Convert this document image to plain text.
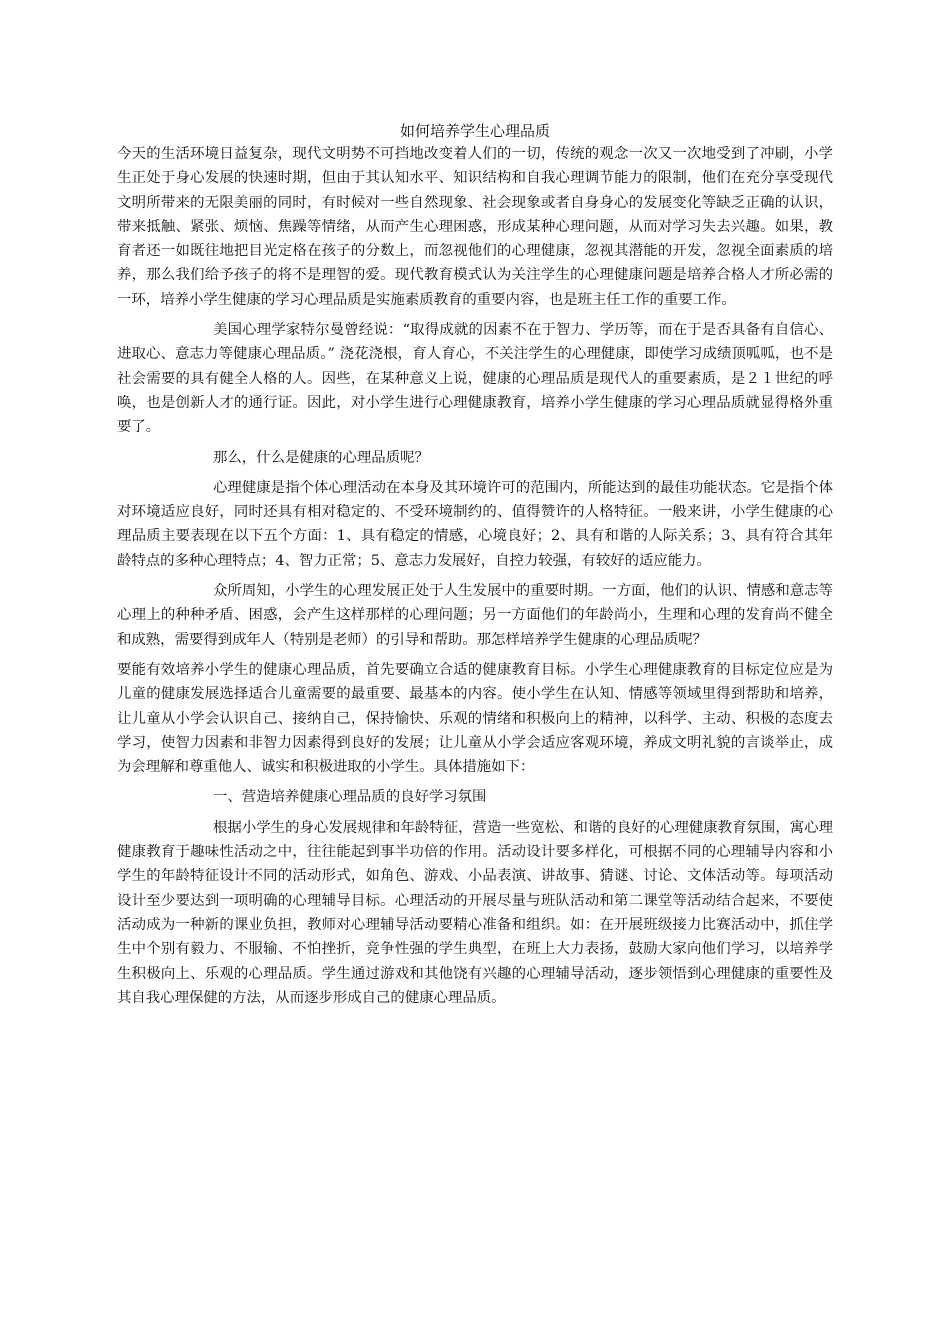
如何培养学生心理品质

今天的生活环境日益复杂，现代文明势不可挡地改变着人们的一切，传统的观念一次又一次地受到了冲刷，小学生正处于身心发展的快速时期，但由于其认知水平、知识结构和自我心理调节能力的限制，他们在充分享受现代文明所带来的无限美丽的同时，有时候对一些自然现象、社会现象或者自身身心的发展变化等缺乏正确的认识，带来抵触、紧张、烦恼、焦躁等情绪，从而产生心理困惑，形成某种心理问题，从而对学习失去兴趣。如果，教育者还一如既往地把目光定格在孩子的分数上，而忽视他们的心理健康，忽视其潜能的开发，忽视全面素质的培养，那么我们给予孩子的将不是理智的爱。现代教育模式认为关注学生的心理健康问题是培养合格人才所必需的一环，培养小学生健康的学习心理品质是实施素质教育的重要内容，也是班主任工作的重要工作。

美国心理学家特尔曼曾经说：“取得成就的因素不在于智力、学历等，而在于是否具备有自信心、进取心、意志力等健康心理品质。” 浇花浇根，育人育心，不关注学生的心理健康，即使学习成绩顶呱呱，也不是社会需要的具有健全人格的人。因些，在某种意义上说，健康的心理品质是现代人的重要素质，是２１世纪的呼唤，也是创新人才的通行证。因此，对小学生进行心理健康教育，培养小学生健康的学习心理品质就显得格外重要了。

那么，什么是健康的心理品质呢？

心理健康是指个体心理活动在本身及其环境许可的范围内，所能达到的最佳功能状态。它是指个体对环境适应良好，同时还具有相对稳定的、不受环境制约的、值得赞许的人格特征。一般来讲，小学生健康的心理品质主要表现在以下五个方面：1、具有稳定的情感，心境良好；2、具有和谐的人际关系；3、具有符合其年龄特点的多种心理特点；4、智力正常；5、意志力发展好，自控力较强，有较好的适应能力。

众所周知，小学生的心理发展正处于人生发展中的重要时期。一方面，他们的认识、情感和意志等心理上的种种矛盾、困惑，会产生这样那样的心理问题；另一方面他们的年龄尚小，生理和心理的发育尚不健全和成熟，需要得到成年人（特别是老师）的引导和帮助。那怎样培养学生健康的心理品质呢？

要能有效培养小学生的健康心理品质，首先要确立合适的健康教育目标。小学生心理健康教育的目标定位应是为儿童的健康发展选择适合儿童需要的最重要、最基本的内容。使小学生在认知、情感等领域里得到帮助和培养，让儿童从小学会认识自己、接纳自己，保持愉快、乐观的情绪和积极向上的精神，以科学、主动、积极的态度去学习，使智力因素和非智力因素得到良好的发展；让儿童从小学会适应客观环境，养成文明礼貌的言谈举止，成为会理解和尊重他人、诚实和积极进取的小学生。具体措施如下：

一、营造培养健康心理品质的良好学习氛围

根据小学生的身心发展规律和年龄特征，营造一些宽松、和谐的良好的心理健康教育氛围，寓心理健康教育于趣味性活动之中，往往能起到事半功倍的作用。活动设计要多样化，可根据不同的心理辅导内容和小学生的年龄特征设计不同的活动形式，如角色、游戏、小品表演、讲故事、猜谜、讨论、文体活动等。每项活动设计至少要达到一项明确的心理辅导目标。心理活动的开展尽量与班队活动和第二课堂等活动结合起来，不要使活动成为一种新的课业负担，教师对心理辅导活动要精心准备和组织。如：在开展班级接力比赛活动中，抓住学生中个别有毅力、不服输、不怕挫折，竞争性强的学生典型，在班上大力表扬，鼓励大家向他们学习，以培养学生积极向上、乐观的心理品质。学生通过游戏和其他饶有兴趣的心理辅导活动，逐步领悟到心理健康的重要性及其自我心理保健的方法，从而逐步形成自己的健康心理品质。
